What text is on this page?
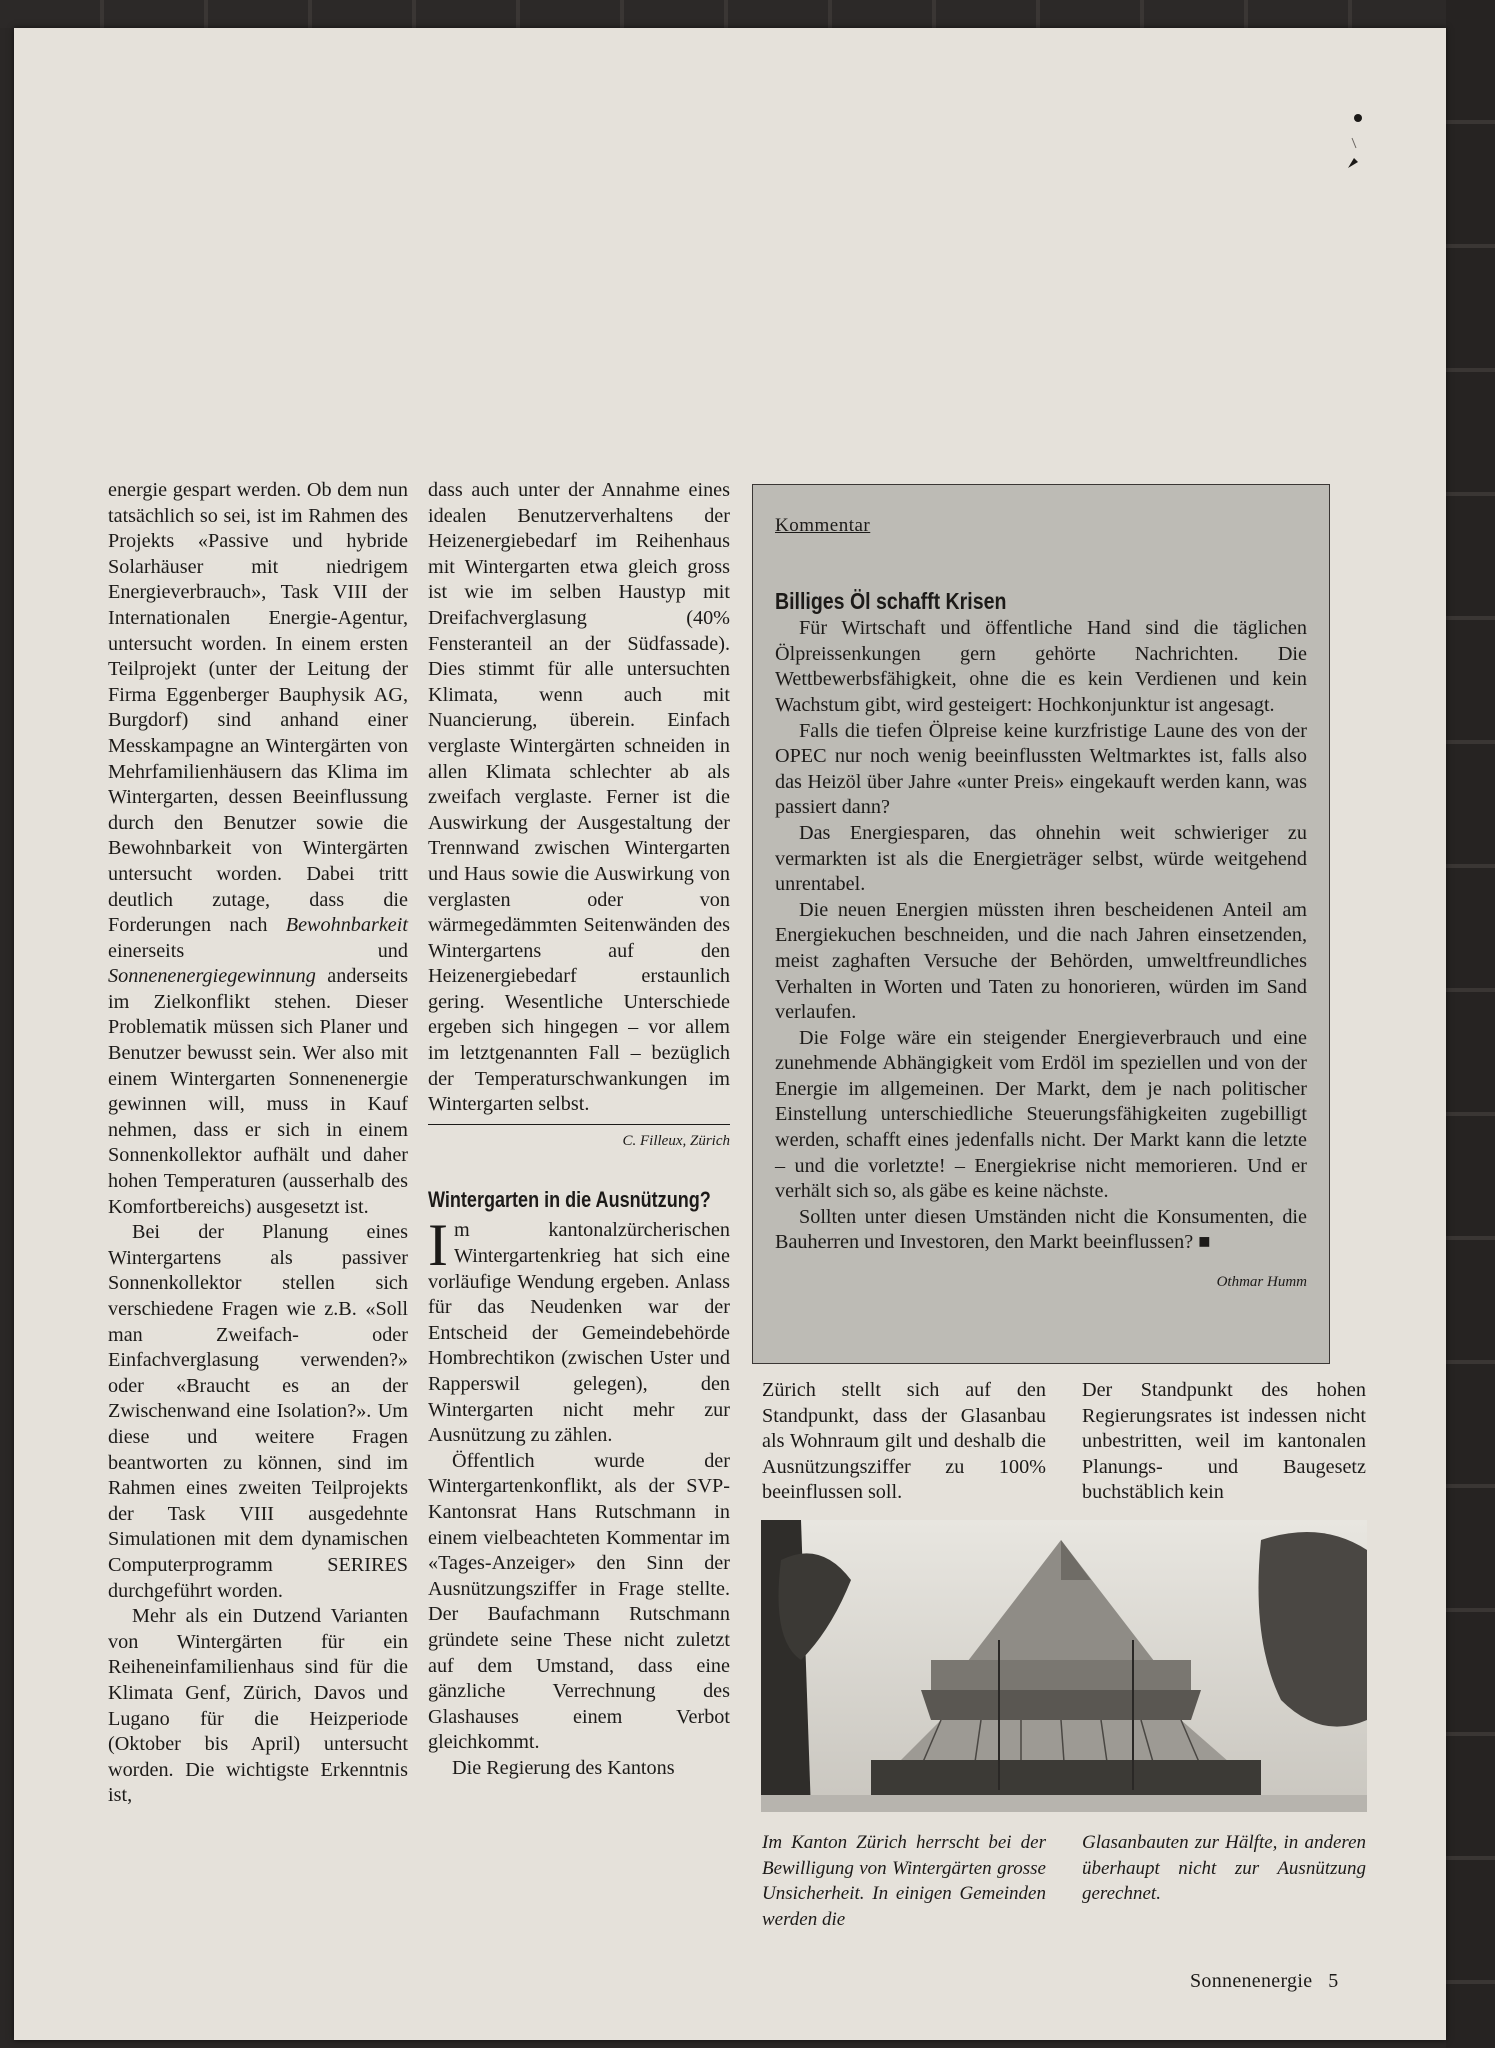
energie gespart werden. Ob dem nun tatsächlich so sei, ist im Rahmen des Projekts «Passive und hybride Solarhäuser mit niedrigem Energieverbrauch», Task VIII der Internationalen Energie-Agentur, untersucht worden. In einem ersten Teilprojekt (unter der Leitung der Firma Eggenberger Bauphysik AG, Burgdorf) sind anhand einer Messkampagne an Wintergärten von Mehrfamilienhäusern das Klima im Wintergarten, dessen Beeinflussung durch den Benutzer sowie die Bewohnbarkeit von Wintergärten untersucht worden. Dabei tritt deutlich zutage, dass die Forderungen nach Bewohnbarkeit einerseits und Sonnenenergiegewinnung anderseits im Zielkonflikt stehen. Dieser Problematik müssen sich Planer und Benutzer bewusst sein. Wer also mit einem Wintergarten Sonnenenergie gewinnen will, muss in Kauf nehmen, dass er sich in einem Sonnenkollektor aufhält und daher hohen Temperaturen (ausserhalb des Komfortbereichs) ausgesetzt ist.

Bei der Planung eines Wintergartens als passiver Sonnenkollektor stellen sich verschiedene Fragen wie z.B. «Soll man Zweifach- oder Einfachverglasung verwenden?» oder «Braucht es an der Zwischenwand eine Isolation?». Um diese und weitere Fragen beantworten zu können, sind im Rahmen eines zweiten Teilprojekts der Task VIII ausgedehnte Simulationen mit dem dynamischen Computerprogramm SERIRES durchgeführt worden.

Mehr als ein Dutzend Varianten von Wintergärten für ein Reiheneinfamilienhaus sind für die Klimata Genf, Zürich, Davos und Lugano für die Heizperiode (Oktober bis April) untersucht worden. Die wichtigste Erkenntnis ist,

dass auch unter der Annahme eines idealen Benutzerverhaltens der Heizenergiebedarf im Reihenhaus mit Wintergarten etwa gleich gross ist wie im selben Haustyp mit Dreifachverglasung (40% Fensteranteil an der Südfassade). Dies stimmt für alle untersuchten Klimata, wenn auch mit Nuancierung, überein. Einfach verglaste Wintergärten schneiden in allen Klimata schlechter ab als zweifach verglaste. Ferner ist die Auswirkung der Ausgestaltung der Trennwand zwischen Wintergarten und Haus sowie die Auswirkung von verglasten oder von wärmegedämmten Seitenwänden des Wintergartens auf den Heizenergiebedarf erstaunlich gering. Wesentliche Unterschiede ergeben sich hingegen – vor allem im letztgenannten Fall – bezüglich der Temperaturschwankungen im Wintergarten selbst.

C. Filleux, Zürich
Wintergarten in die Ausnützung?

Im kantonalzürcherischen Wintergartenkrieg hat sich eine vorläufige Wendung ergeben. Anlass für das Neudenken war der Entscheid der Gemeindebehörde Hombrechtikon (zwischen Uster und Rapperswil gelegen), den Wintergarten nicht mehr zur Ausnützung zu zählen.

Öffentlich wurde der Wintergartenkonflikt, als der SVP-Kantonsrat Hans Rutschmann in einem vielbeachteten Kommentar im «Tages-Anzeiger» den Sinn der Ausnützungsziffer in Frage stellte. Der Baufachmann Rutschmann gründete seine These nicht zuletzt auf dem Umstand, dass eine gänzliche Verrechnung des Glashauses einem Verbot gleichkommt.

Die Regierung des Kantons

Kommentar
Billiges Öl schafft Krisen

Für Wirtschaft und öffentliche Hand sind die täglichen Ölpreissenkungen gern gehörte Nachrichten. Die Wettbewerbsfähigkeit, ohne die es kein Verdienen und kein Wachstum gibt, wird gesteigert: Hochkonjunktur ist angesagt.

Falls die tiefen Ölpreise keine kurzfristige Laune des von der OPEC nur noch wenig beeinflussten Weltmarktes ist, falls also das Heizöl über Jahre «unter Preis» eingekauft werden kann, was passiert dann?

Das Energiesparen, das ohnehin weit schwieriger zu vermarkten ist als die Energieträger selbst, würde weitgehend unrentabel.

Die neuen Energien müssten ihren bescheidenen Anteil am Energiekuchen beschneiden, und die nach Jahren einsetzenden, meist zaghaften Versuche der Behörden, umweltfreundliches Verhalten in Worten und Taten zu honorieren, würden im Sand verlaufen.

Die Folge wäre ein steigender Energieverbrauch und eine zunehmende Abhängigkeit vom Erdöl im speziellen und von der Energie im allgemeinen. Der Markt, dem je nach politischer Einstellung unterschiedliche Steuerungsfähigkeiten zugebilligt werden, schafft eines jedenfalls nicht. Der Markt kann die letzte – und die vorletzte! – Energiekrise nicht memorieren. Und er verhält sich so, als gäbe es keine nächste.

Sollten unter diesen Umständen nicht die Konsumenten, die Bauherren und Investoren, den Markt beeinflussen? ■

Othmar Humm

Zürich stellt sich auf den Standpunkt, dass der Glasanbau als Wohnraum gilt und deshalb die Ausnützungsziffer zu 100% beeinflussen soll.

Der Standpunkt des hohen Regierungsrates ist indessen nicht unbestritten, weil im kantonalen Planungs- und Baugesetz buchstäblich kein

Im Kanton Zürich herrscht bei der Bewilligung von Wintergärten grosse Unsicherheit. In einigen Gemeinden werden die
Glasanbauten zur Hälfte, in anderen überhaupt nicht zur Ausnützung gerechnet.
Sonnenenergie 5
